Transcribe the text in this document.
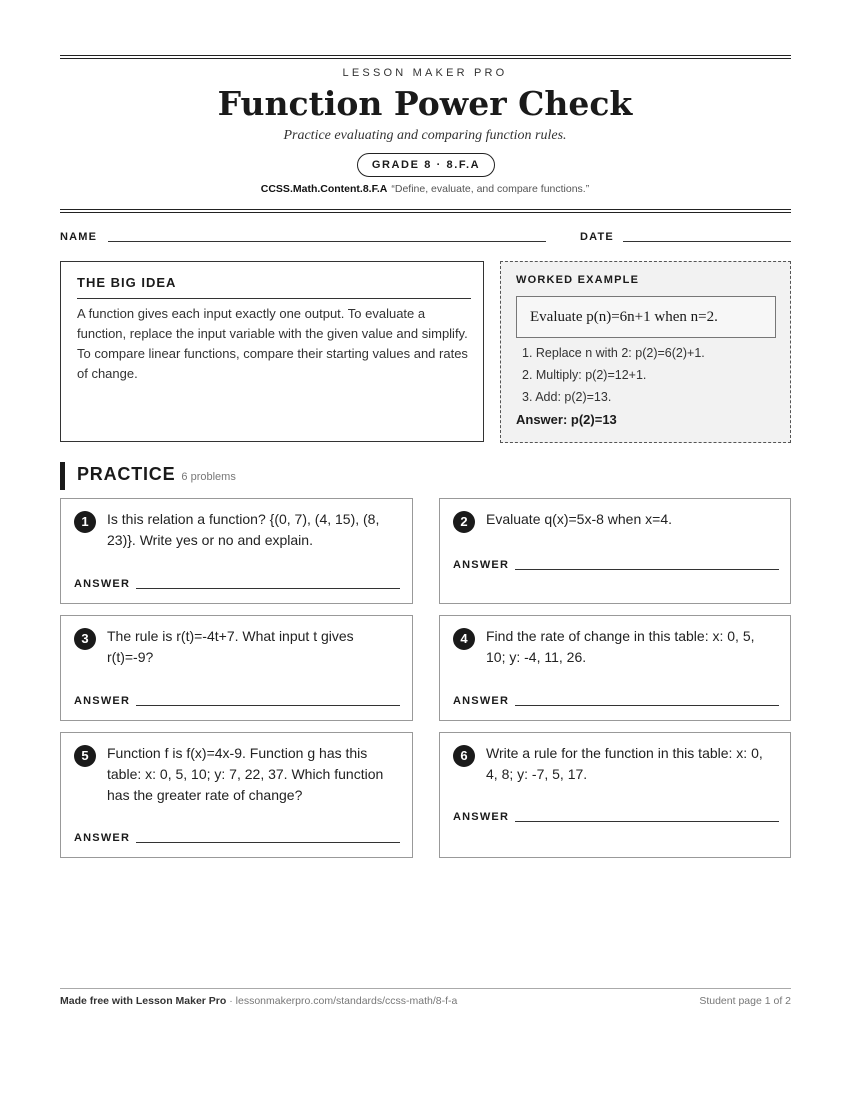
LESSON MAKER PRO
Function Power Check
Practice evaluating and comparing function rules.
GRADE 8 · 8.F.A
CCSS.Math.Content.8.F.A “Define, evaluate, and compare functions.”
NAME	DATE
THE BIG IDEA
A function gives each input exactly one output. To evaluate a function, replace the input variable with the given value and simplify. To compare linear functions, compare their starting values and rates of change.
WORKED EXAMPLE
Evaluate p(n)=6n+1 when n=2.
1. Replace n with 2: p(2)=6(2)+1.
2. Multiply: p(2)=12+1.
3. Add: p(2)=13.
Answer: p(2)=13
PRACTICE 6 problems
1	Is this relation a function? {(0, 7), (4, 15), (8, 23)}. Write yes or no and explain.
ANSWER
2	Evaluate q(x)=5x-8 when x=4.
ANSWER
3	The rule is r(t)=-4t+7. What input t gives r(t)=-9?
ANSWER
4	Find the rate of change in this table: x: 0, 5, 10; y: -4, 11, 26.
ANSWER
5	Function f is f(x)=4x-9. Function g has this table: x: 0, 5, 10; y: 7, 22, 37. Which function has the greater rate of change?
ANSWER
6	Write a rule for the function in this table: x: 0, 4, 8; y: -7, 5, 17.
ANSWER
Made free with Lesson Maker Pro · lessonmakerpro.com/standards/ccss-math/8-f-a	Student page 1 of 2
